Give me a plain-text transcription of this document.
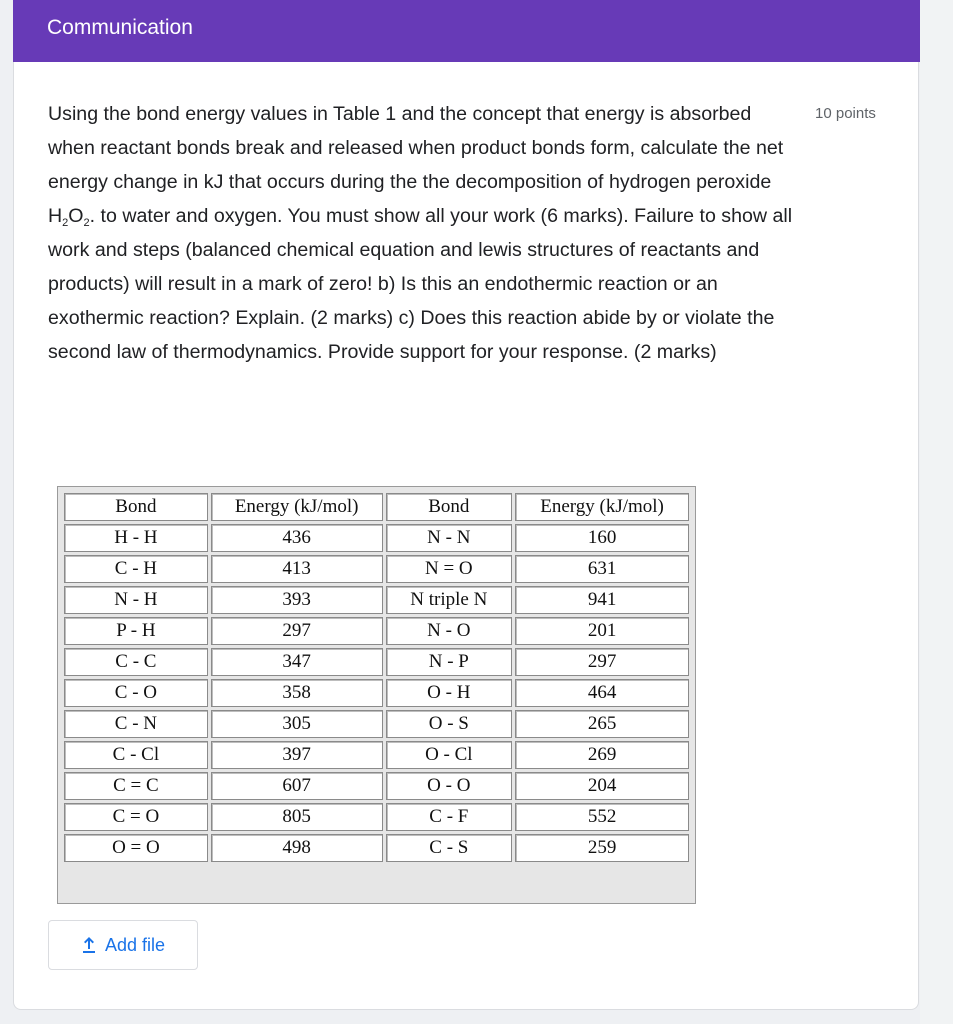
Communication
Using the bond energy values in Table 1 and the concept that energy is absorbed when reactant bonds break and released when product bonds form, calculate the net energy change in kJ that occurs during the the decomposition of hydrogen peroxide $H_2O_2$. to water and oxygen. You must show all your work (6 marks). Failure to show all work and steps (balanced chemical equation and lewis structures of reactants and products) will result in a mark of zero! b) Is this an endothermic reaction or an exothermic reaction? Explain. (2 marks) c) Does this reaction abide by or violate the second law of thermodynamics. Provide support for your response. (2 marks)
10 points
Bond	Energy (kJ/mol)	Bond	Energy (kJ/mol)
H - H	436	N - N	160
C - H	413	N = O	631
N - H	393	N triple N	941
P - H	297	N - O	201
C - C	347	N - P	297
C - O	358	O - H	464
C - N	305	O - S	265
C - Cl	397	O - Cl	269
C = C	607	O - O	204
C = O	805	C - F	552
O = O	498	C - S	259
Add file
